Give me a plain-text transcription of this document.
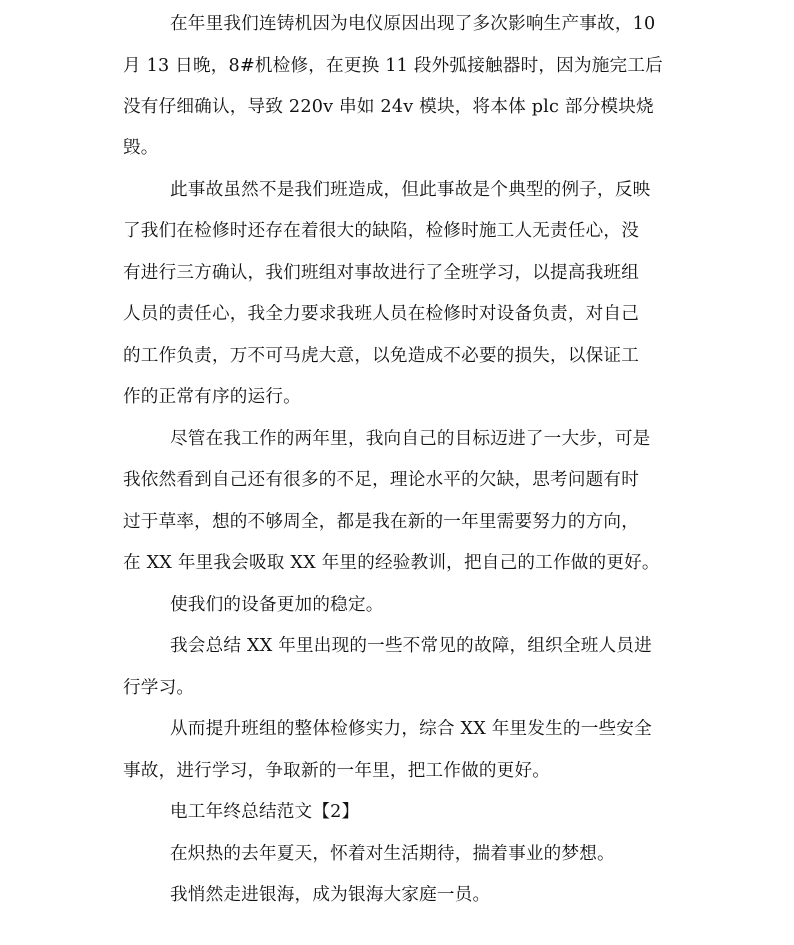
在年里我们连铸机因为电仪原因出现了多次影响生产事故，10
月 13 日晚，8#机检修，在更换 11 段外弧接触器时，因为施完工后
没有仔细确认，导致 220v 串如 24v 模块，将本体 plc 部分模块烧
毁。
此事故虽然不是我们班造成，但此事故是个典型的例子，反映
了我们在检修时还存在着很大的缺陷，检修时施工人无责任心，没
有进行三方确认，我们班组对事故进行了全班学习，以提高我班组
人员的责任心，我全力要求我班人员在检修时对设备负责，对自己
的工作负责，万不可马虎大意，以免造成不必要的损失，以保证工
作的正常有序的运行。
尽管在我工作的两年里，我向自己的目标迈进了一大步，可是
我依然看到自己还有很多的不足，理论水平的欠缺，思考问题有时
过于草率，想的不够周全，都是我在新的一年里需要努力的方向，
在 XX 年里我会吸取 XX 年里的经验教训，把自己的工作做的更好。
使我们的设备更加的稳定。
我会总结 XX 年里出现的一些不常见的故障，组织全班人员进
行学习。
从而提升班组的整体检修实力，综合 XX 年里发生的一些安全
事故，进行学习，争取新的一年里，把工作做的更好。
电工年终总结范文【2】
在炽热的去年夏天，怀着对生活期待，揣着事业的梦想。
我悄然走进银海，成为银海大家庭一员。
